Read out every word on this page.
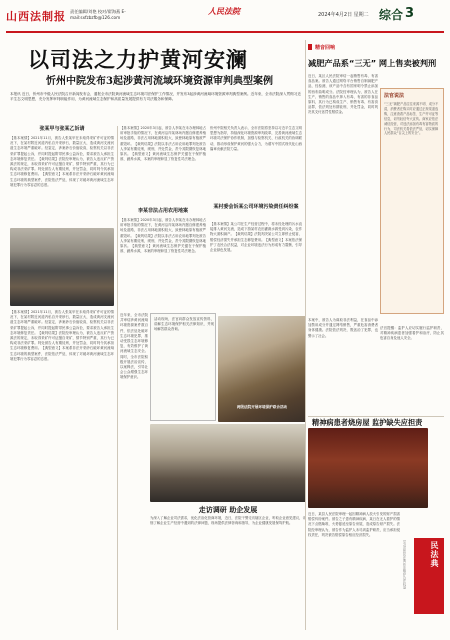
山西法制报 责任编辑/刘艳 校对/翟海燕 E-mail:sxfzbzfb@126.com
人民法院	2024年4月2日 星期二 综合 3
以司法之力护黄河安澜
忻州中院发布3起涉黄河流域环境资源审判典型案例
本报讯 近日，忻州市中级人民法院召开新闻发布会，通报全市法院黄河流域生态环境司法保护工作情况，并发布3起涉黄河流域环境资源审判典型案例。近年来，全市法院深入贯彻习近平生态文明思想，充分发挥审判职能作用，为黄河流域生态保护和高质量发展提供有力司法服务和保障。
张某甲与张某乙诉请
【基本案情】2021年11月，被告人张某甲在未取得采矿许可证的情况下，在某村附近河道内私自开采砂石，数量巨大，造成黄河支流河道生态环境严重破坏。经鉴定，涉案砂石价值较高，检察机关以非法采矿罪提起公诉，并同时提起附带民事公益诉讼，要求被告人承担生态环境修复责任。【裁判结果】法院经审理认为，被告人违反矿产资源法的规定，未取得采矿许可证擅自采矿，情节特别严重，其行为已构成非法采矿罪。判处被告人有期徒刑，并处罚金，同时判令其承担生态环境修复费用。【典型意义】本案系非法开采砂石破坏黄河流域生态环境的典型案件，法院依法严惩，体现了对破坏黄河流域生态环境犯罪行为零容忍的态度。
【基本案情】2021年11月，被告人张某甲在未取得采矿许可证的情况下，在某村附近河道内私自开采砂石，数量巨大，造成黄河支流河道生态环境严重破坏。经鉴定，涉案砂石价值较高，检察机关以非法采矿罪提起公诉，并同时提起附带民事公益诉讼，要求被告人承担生态环境修复责任。【裁判结果】法院经审理认为，被告人违反矿产资源法的规定，未取得采矿许可证擅自采矿，情节特别严重，其行为已构成非法采矿罪。判处被告人有期徒刑，并处罚金，同时判令其承担生态环境修复费用。【典型意义】本案系非法开采砂石破坏黄河流域生态环境的典型案件，法院依法严惩，体现了对破坏黄河流域生态环境犯罪行为零容忍的态度。
【基本案情】2020年3月起，被告人李某在未办理林地占用审批手续的情况下，在黄河沿岸某林场内擅自修建养殖场及道路，非法占用林地面积较大，致使林地原有植被严重毁坏。【裁判结果】法院以非法占用农用地罪判处被告人李某有期徒刑，缓刑，并处罚金，责令其限期恢复林地原状。【典型意义】黄河流域生态保护关键在于保护植被、涵养水源，本案的审理彰显了恢复性司法理念。
李某非法占用农用地案
【基本案情】2020年3月起，被告人李某在未办理林地占用审批手续的情况下，在黄河沿岸某林场内擅自修建养殖场及道路，非法占用林地面积较大，致使林地原有植被严重毁坏。【裁判结果】法院以非法占用农用地罪判处被告人李某有期徒刑，缓刑，并处罚金，责令其限期恢复林地原状。【典型意义】黄河流域生态保护关键在于保护植被、涵养水源，本案的审理彰显了恢复性司法理念。
忻州中院相关负责人表示，全市法院将坚持以习近平生态文明思想为指导，持续深化环境资源审判改革，完善黄河流域生态环境司法保护协作机制，加强与检察机关、行政机关的协调联动，推动形成保护黄河的强大合力，为谱写中国式现代化山西篇章贡献法院力量。
某村委会诉某公司环境污染责任纠纷案
【基本案情】某公司在生产经营过程中，将未经处理的污水直接排入黄河支流，造成下游某村农田灌溉水源受到污染，农作物大面积减产。【裁判结果】法院判决某公司立即停止侵害，赔偿经济损失并承担生态修复费用。【典型意义】本案依法保护了农民合法权益，对企业环境违法行为形成有力震慑，引导企业绿色发展。
近年来，全市法院共审结涉黄河流域环境资源案件数百件，依法惩处破坏生态环境犯罪，推动受损生态环境修复，有效维护了黄河流域生态安全。同时，全市法院积极开展法治宣传，以案释法，引导社会公众增强生态环境保护意识。
活动现场，法官向群众发放宣传资料，讲解生态环境保护相关法律知识，并现场解答群众咨询。
两级法院开展环境保护联合活动
走访调研 助企发展
为深入了解企业司法需求，优化法治化营商环境，近日，法院干警走访辖区企业，听取企业意见建议，详细了解企业生产经营中遇到的法律问题，现场提供法律咨询和指导，为企业健康发展保驾护航。
精音回响
减肥产品系“三无” 网上售卖被判刑
近日，某区人民法院审结一起销售有毒、有害食品案。被告人通过网络平台销售自制减肥产品，经检测，该产品中含有国家明令禁止添加的西布曲明成分。法院经审理认为，被告人在生产、销售的食品中掺入有毒、有害的非食品原料，其行为已构成生产、销售有毒、有害食品罪，依法判处有期徒刑，并处罚金，同时判决其支付惩罚性赔偿金。
法官说法
“三无”减肥产品往往来源不明、成分不清，消费者在购买时应通过正规渠道选购，注意查看产品标签、生产许可证等信息，切勿轻信夸大宣传。商家应依法诚信经营，对违法添加有毒有害物质的行为，司法机关将依法严惩，切实保障人民群众“舌尖上的安全”。
本案中，被告人为谋取非法利益，在食品中添加禁用成分并通过网络销售，严重危害消费者身体健康。法院依法判决，既惩治了犯罪，也警示了社会。
法官提醒：监护人应切实履行监护职责，对精神疾病患者加强看护和治疗，防止其危害自身及他人安全。
精神病患者烧房屋 监护缺失应担责
近日，某县人民法院审理一起因精神病人放火引发的财产损害赔偿纠纷案件。被告之子患有精神疾病，某日在无人看护的情况下点燃柴堆，火势蔓延至原告房屋，造成原告财产损失。法院经审理认为，被告作为监护人未尽到监护职责，应当承担侵权责任，判决被告赔偿原告相应经济损失。
学习宣传民法典 依法维护合法权益	民法典
